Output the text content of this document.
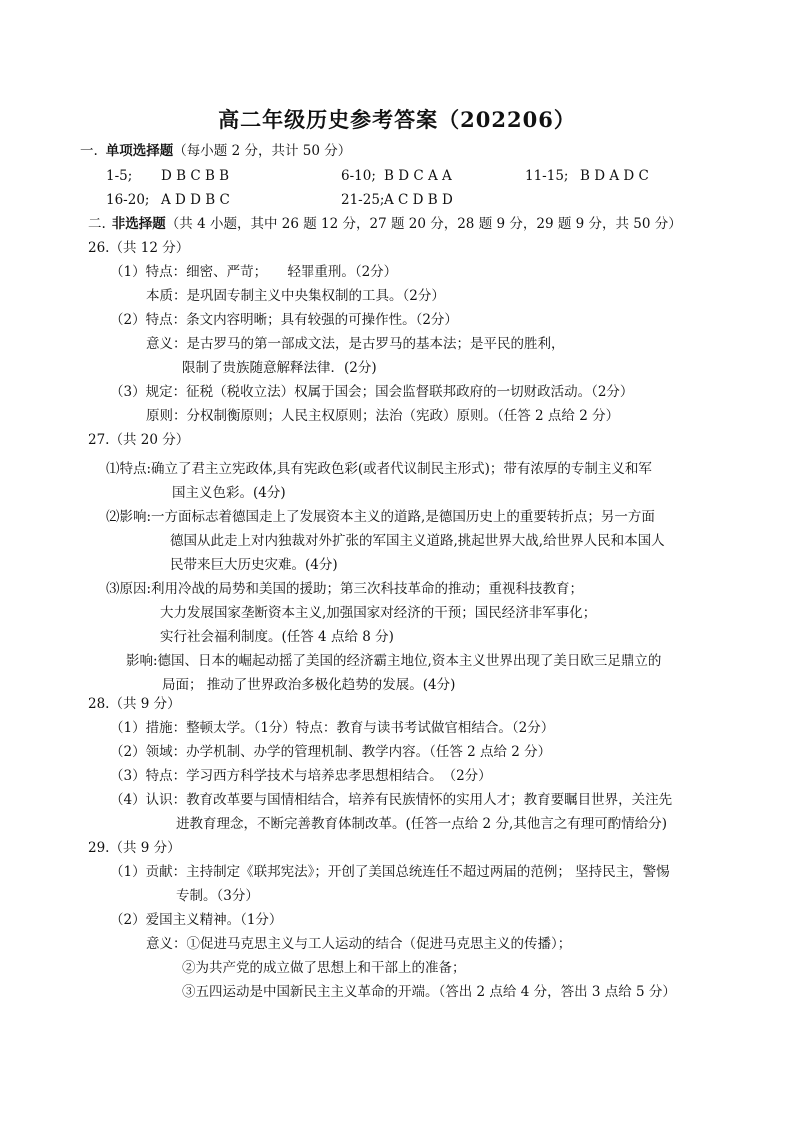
高二年级历史参考答案（202206）
一. 单项选择题（每小题 2 分，共计 50 分）
1-5; D B C B B	6-10; B D C A A	11-15; B D A D C
16-20; A D D B C	21-25; A C D B D
二. 非选择题（共 4 小题，其中 26 题 12 分，27 题 20 分，28 题 9 分，29 题 9 分，共 50 分）
26.（共 12 分）
（1）特点：细密、严苛；　　轻罪重刑。（2分）
本质：是巩固专制主义中央集权制的工具。（2分）
（2）特点：条文内容明晰；具有较强的可操作性。（2分）
意义：是古罗马的第一部成文法，是古罗马的基本法；是平民的胜利，
限制了贵族随意解释法律．(2分)
（3）规定：征税（税收立法）权属于国会；国会监督联邦政府的一切财政活动。（2分）
原则：分权制衡原则；人民主权原则；法治（宪政）原则。（任答 2 点给 2 分）
27.（共 20 分）
⑴特点:确立了君主立宪政体,具有宪政色彩(或者代议制民主形式)；带有浓厚的专制主义和军
国主义色彩。(4分)
⑵影响:一方面标志着德国走上了发展资本主义的道路,是德国历史上的重要转折点；另一方面
德国从此走上对内独裁对外扩张的军国主义道路,挑起世界大战,给世界人民和本国人
民带来巨大历史灾难。(4分)
⑶原因:利用冷战的局势和美国的援助；第三次科技革命的推动；重视科技教育；
大力发展国家垄断资本主义,加强国家对经济的干预；国民经济非军事化；
实行社会福利制度。(任答 4 点给 8 分)
影响:德国、日本的崛起动摇了美国的经济霸主地位,资本主义世界出现了美日欧三足鼎立的
局面； 推动了世界政治多极化趋势的发展。(4分)
28.（共 9 分）
（1）措施：整顿太学。（1分）特点：教育与读书考试做官相结合。（2分）
（2）领域：办学机制、办学的管理机制、教学内容。（任答 2 点给 2 分）
（3）特点：学习西方科学技术与培养忠孝思想相结合。　（2分）
（4）认识：教育改革要与国情相结合，培养有民族情怀的实用人才；教育要瞩目世界，关注先
进教育理念，不断完善教育体制改革。(任答一点给 2 分,其他言之有理可酌情给分)
29.（共 9 分）
（1）贡献：主持制定《联邦宪法》；开创了美国总统连任不超过两届的范例； 坚持民主，警惕
专制。（3分）
（2）爱国主义精神。（1分）
意义：①促进马克思主义与工人运动的结合（促进马克思主义的传播）；
②为共产党的成立做了思想上和干部上的准备；
③五四运动是中国新民主主义革命的开端。（答出 2 点给 4 分，答出 3 点给 5 分）
